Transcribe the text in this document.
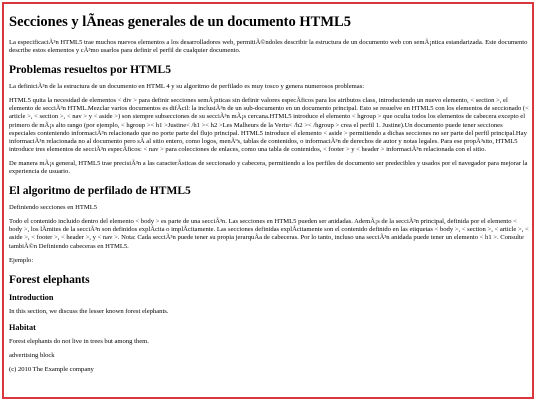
Secciones y lÃneas generales de un documento HTML5

La especificaciÃ³n HTML5 trae muchos nuevos elementos a los desarrolladores web, permitiÃ©ndoles describir la estructura de un documento web con semÃ¡ntica estandarizada. Este documento describe estos elementos y cÃ³mo usarlos para definir el perfil de cualquier documento.

Problemas resueltos por HTML5

La definiciÃ³n de la estructura de un documento en HTML 4 y su algoritmo de perfilado es muy tosco y genera numerosos problemas:

HTML5 quita la necesidad de elementos < div > para definir secciones semÃ¡nticas sin definir valores especÃficos para los atributos class, introduciendo un nuevo elemento, < section >, el elemento de secciÃ³n HTML.Mezclar varios documentos es difÃcil: la inclusiÃ³n de un sub-documento en un documento principal. Esto se resuelve en HTML5 con los elementos de seccionado (< article >, < section >, < nav > y < aside >) son siempre subsecciones de su secciÃ³n mÃ¡s cercana.HTML5 introduce el elemento < hgroup > que oculta todos los elementos de cabecera excepto el primero de mÃ¡s alto rango (por ejemplo, < hgroup >< h1 >Justine< /h1 >< h2 >Les Malheurs de la Vertu< /h2 >< /hgroup > crea el perfil 1. Justine).Un documento puede tener secciones especiales conteniendo informaciÃ³n relacionado que no porte parte del flujo principal. HTML5 introduce el elemento < aside > permitiendo a dichas secciones no ser parte del perfil principal.Hay informaciÃ³n relacionada no al documento pero sÃ al sitio entero, como logos, menÃºs, tablas de contenidos, o informaciÃ³n de derechos de autor y notas legales. Para ese propÃ³sito, HTML5 introduce tres elementos de secciÃ³n especÃficos: < nav > para colecciones de enlaces, como una tabla de contenidos, < footer > y < header > informaciÃ³n relacionada con el sitio.

De manera mÃ¡s general, HTML5 trae precisiÃ³n a las caracterÃsticas de seccionado y cabecera, permitiendo a los perfiles de documento ser predecibles y usados por el navegador para mejorar la experiencia de usuario.

El algoritmo de perfilado de HTML5

Definiendo secciones en HTML5

Todo el contenido incluido dentro del elemento < body > es parte de una secciÃ³n. Las secciones en HTML5 pueden ser anidadas. AdemÃ¡s de la secciÃ³n principal, definida por el elemento < body >, los lÃmites de la secciÃ³n son definidos explÃcita o implÃcitamente. Las secciones definidas explÃcitamente son el contenido definido en las etiquetas < body >, < section >, < article >, < aside >, < footer >, < header >, y < nav >. Nota: Cada secciÃ³n puede tener su propia jerarquÃa de cabeceras. Por lo tanto, incluso una secciÃ³n anidada puede tener un elemento < h1 >. Consulte tambiÃ©n Definiendo cabeceras en HTML5.

Ejemplo:

Forest elephants
Introduction

In this section, we discuss the lesser known forest elephants.

Habitat

Forest elephants do not live in trees but among them.

advertising block

(c) 2010 The Example company
